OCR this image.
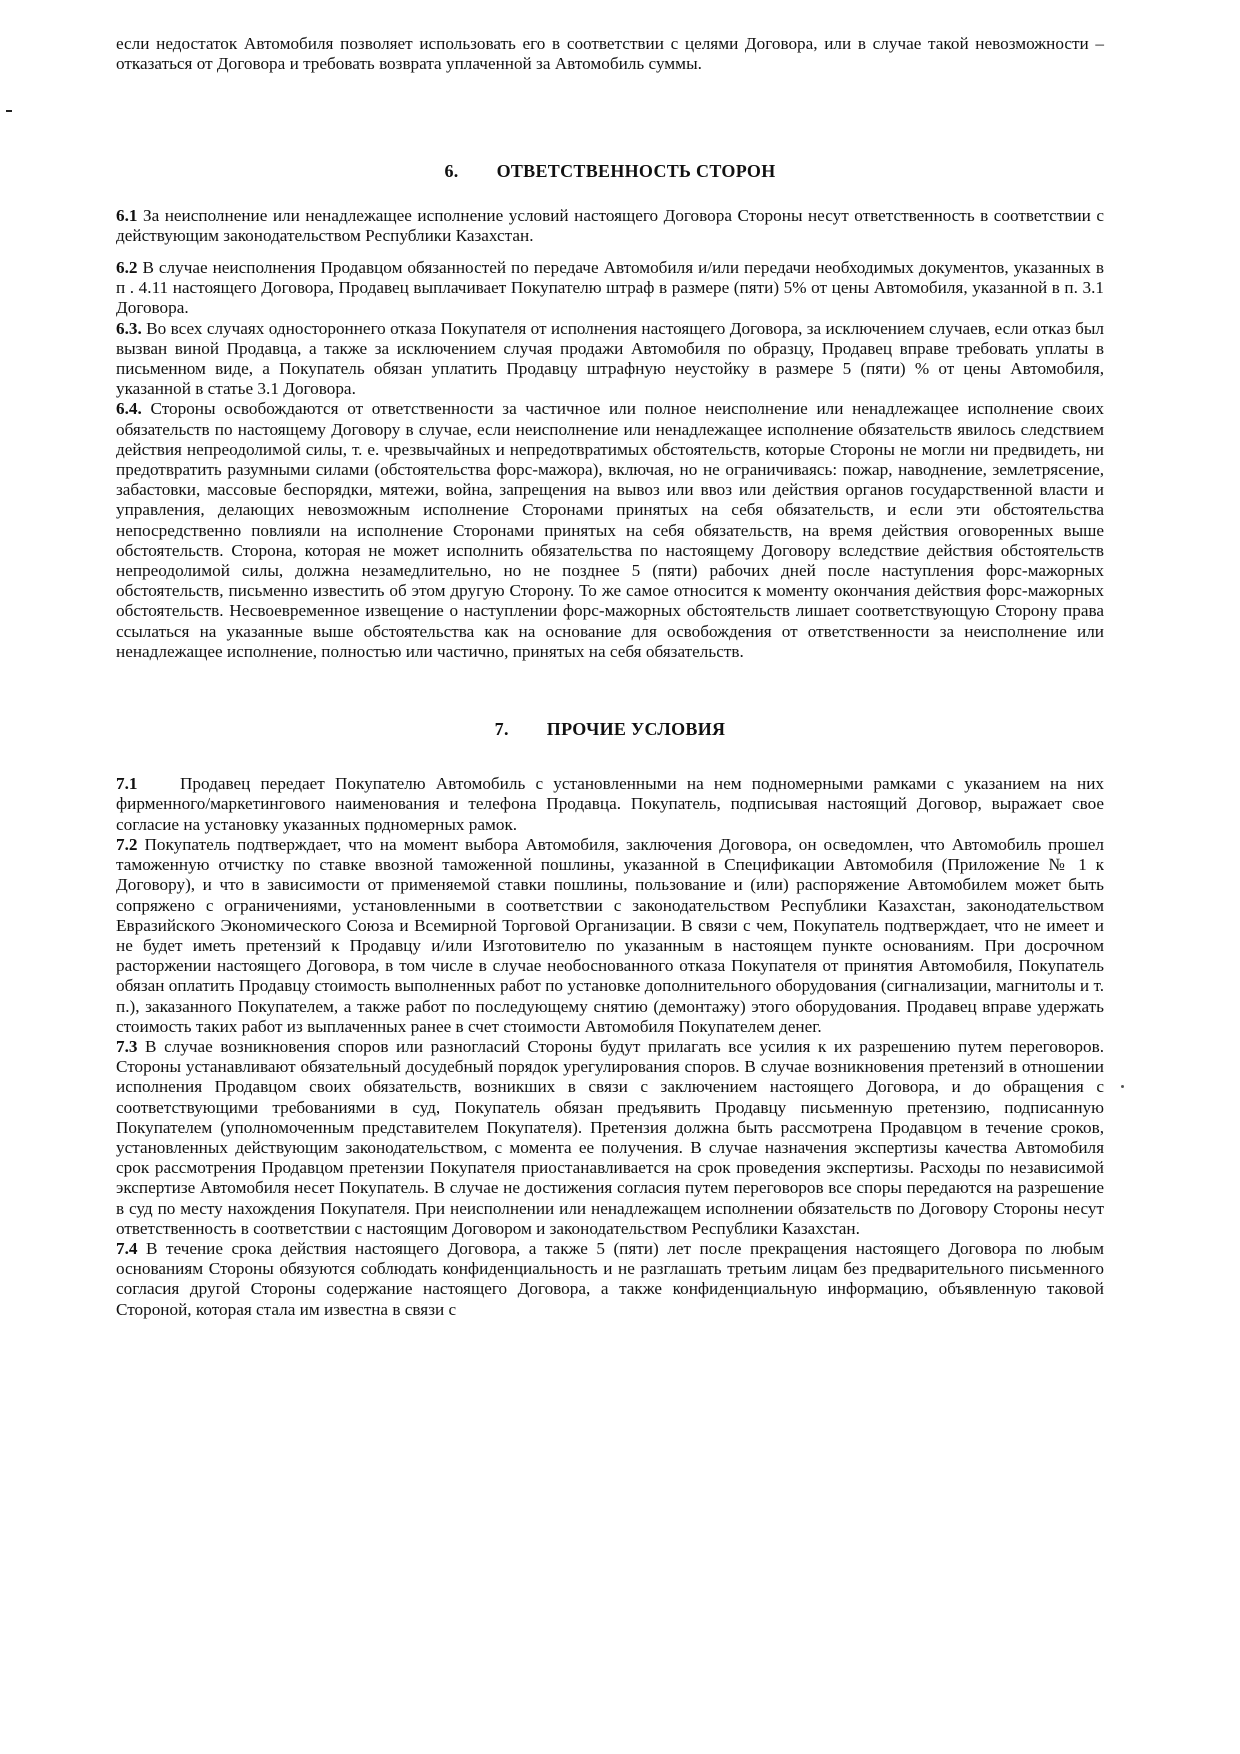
если недостаток Автомобиля позволяет использовать его в соответствии с целями Договора, или в случае такой невозможности – отказаться от Договора и требовать возврата уплаченной за Автомобиль суммы.

6. ОТВЕТСТВЕННОСТЬ СТОРОН

6.1 За неисполнение или ненадлежащее исполнение условий настоящего Договора Стороны несут ответственность в соответствии с действующим законодательством Республики Казахстан.

6.2 В случае неисполнения Продавцом обязанностей по передаче Автомобиля и/или передачи необходимых документов, указанных в п . 4.11 настоящего Договора, Продавец выплачивает Покупателю штраф в размере (пяти) 5% от цены Автомобиля, указанной в п. 3.1 Договора.

6.3. Во всех случаях одностороннего отказа Покупателя от исполнения настоящего Договора, за исключением случаев, если отказ был вызван виной Продавца, а также за исключением случая продажи Автомобиля по образцу, Продавец вправе требовать уплаты в письменном виде, а Покупатель обязан уплатить Продавцу штрафную неустойку в размере 5 (пяти) % от цены Автомобиля, указанной в статье 3.1 Договора.

6.4. Стороны освобождаются от ответственности за частичное или полное неисполнение или ненадлежащее исполнение своих обязательств по настоящему Договору в случае, если неисполнение или ненадлежащее исполнение обязательств явилось следствием действия непреодолимой силы, т. е. чрезвычайных и непредотвратимых обстоятельств, которые Стороны не могли ни предвидеть, ни предотвратить разумными силами (обстоятельства форс-мажора), включая, но не ограничиваясь: пожар, наводнение, землетрясение, забастовки, массовые беспорядки, мятежи, война, запрещения на вывоз или ввоз или действия органов государственной власти и управления, делающих невозможным исполнение Сторонами принятых на себя обязательств, и если эти обстоятельства непосредственно повлияли на исполнение Сторонами принятых на себя обязательств, на время действия оговоренных выше обстоятельств. Сторона, которая не может исполнить обязательства по настоящему Договору вследствие действия обстоятельств непреодолимой силы, должна незамедлительно, но не позднее 5 (пяти) рабочих дней после наступления форс-мажорных обстоятельств, письменно известить об этом другую Сторону. То же самое относится к моменту окончания действия форс-мажорных обстоятельств. Несвоевременное извещение о наступлении форс-мажорных обстоятельств лишает соответствующую Сторону права ссылаться на указанные выше обстоятельства как на основание для освобождения от ответственности за неисполнение или ненадлежащее исполнение, полностью или частично, принятых на себя обязательств.

7. ПРОЧИЕ УСЛОВИЯ

7.1 Продавец передает Покупателю Автомобиль с установленными на нем подномерными рамками с указанием на них фирменного/маркетингового наименования и телефона Продавца. Покупатель, подписывая настоящий Договор, выражает свое согласие на установку указанных подномерных рамок.

7.2 Покупатель подтверждает, что на момент выбора Автомобиля, заключения Договора, он осведомлен, что Автомобиль прошел таможенную отчистку по ставке ввозной таможенной пошлины, указанной в Спецификации Автомобиля (Приложение № 1 к Договору), и что в зависимости от применяемой ставки пошлины, пользование и (или) распоряжение Автомобилем может быть сопряжено с ограничениями, установленными в соответствии с законодательством Республики Казахстан, законодательством Евразийского Экономического Союза и Всемирной Торговой Организации. В связи с чем, Покупатель подтверждает, что не имеет и не будет иметь претензий к Продавцу и/или Изготовителю по указанным в настоящем пункте основаниям. При досрочном расторжении настоящего Договора, в том числе в случае необоснованного отказа Покупателя от принятия Автомобиля, Покупатель обязан оплатить Продавцу стоимость выполненных работ по установке дополнительного оборудования (сигнализации, магнитолы и т. п.), заказанного Покупателем, а также работ по последующему снятию (демонтажу) этого оборудования. Продавец вправе удержать стоимость таких работ из выплаченных ранее в счет стоимости Автомобиля Покупателем денег.

7.3 В случае возникновения споров или разногласий Стороны будут прилагать все усилия к их разрешению путем переговоров. Стороны устанавливают обязательный досудебный порядок урегулирования споров. В случае возникновения претензий в отношении исполнения Продавцом своих обязательств, возникших в связи с заключением настоящего Договора, и до обращения с соответствующими требованиями в суд, Покупатель обязан предъявить Продавцу письменную претензию, подписанную Покупателем (уполномоченным представителем Покупателя). Претензия должна быть рассмотрена Продавцом в течение сроков, установленных действующим законодательством, с момента ее получения. В случае назначения экспертизы качества Автомобиля срок рассмотрения Продавцом претензии Покупателя приостанавливается на срок проведения экспертизы. Расходы по независимой экспертизе Автомобиля несет Покупатель. В случае не достижения согласия путем переговоров все споры передаются на разрешение в суд по месту нахождения Покупателя. При неисполнении или ненадлежащем исполнении обязательств по Договору Стороны несут ответственность в соответствии с настоящим Договором и законодательством Республики Казахстан.

7.4 В течение срока действия настоящего Договора, а также 5 (пяти) лет после прекращения настоящего Договора по любым основаниям Стороны обязуются соблюдать конфиденциальность и не разглашать третьим лицам без предварительного письменного согласия другой Стороны содержание настоящего Договора, а также конфиденциальную информацию, объявленную таковой Стороной, которая стала им известна в связи с
